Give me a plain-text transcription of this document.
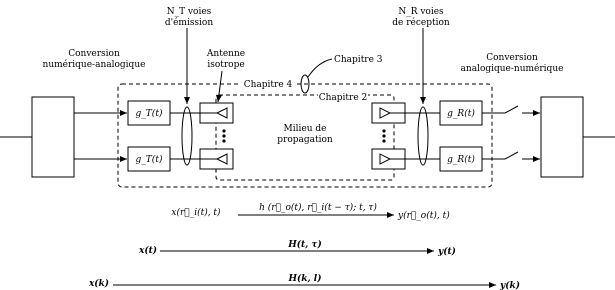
g_T(t)
g_T(t)
g_R(t)
g_R(t)
N_T voies
d'émission
N_R voies
de réception
Conversion
numérique-analogique
Antenne
isotrope
Conversion
analogique-numérique
Chapitre 3
Chapitre 4
Chapitre 2
Milieu de
propagation
x(r⃗_i(t), t)	h (r⃗_o(t), r⃗_i(t − τ); t, τ)
y(r⃗_o(t), t)
x(t)
H(t, τ)
y(t)
x(k)	H(k, l)
y(k)
